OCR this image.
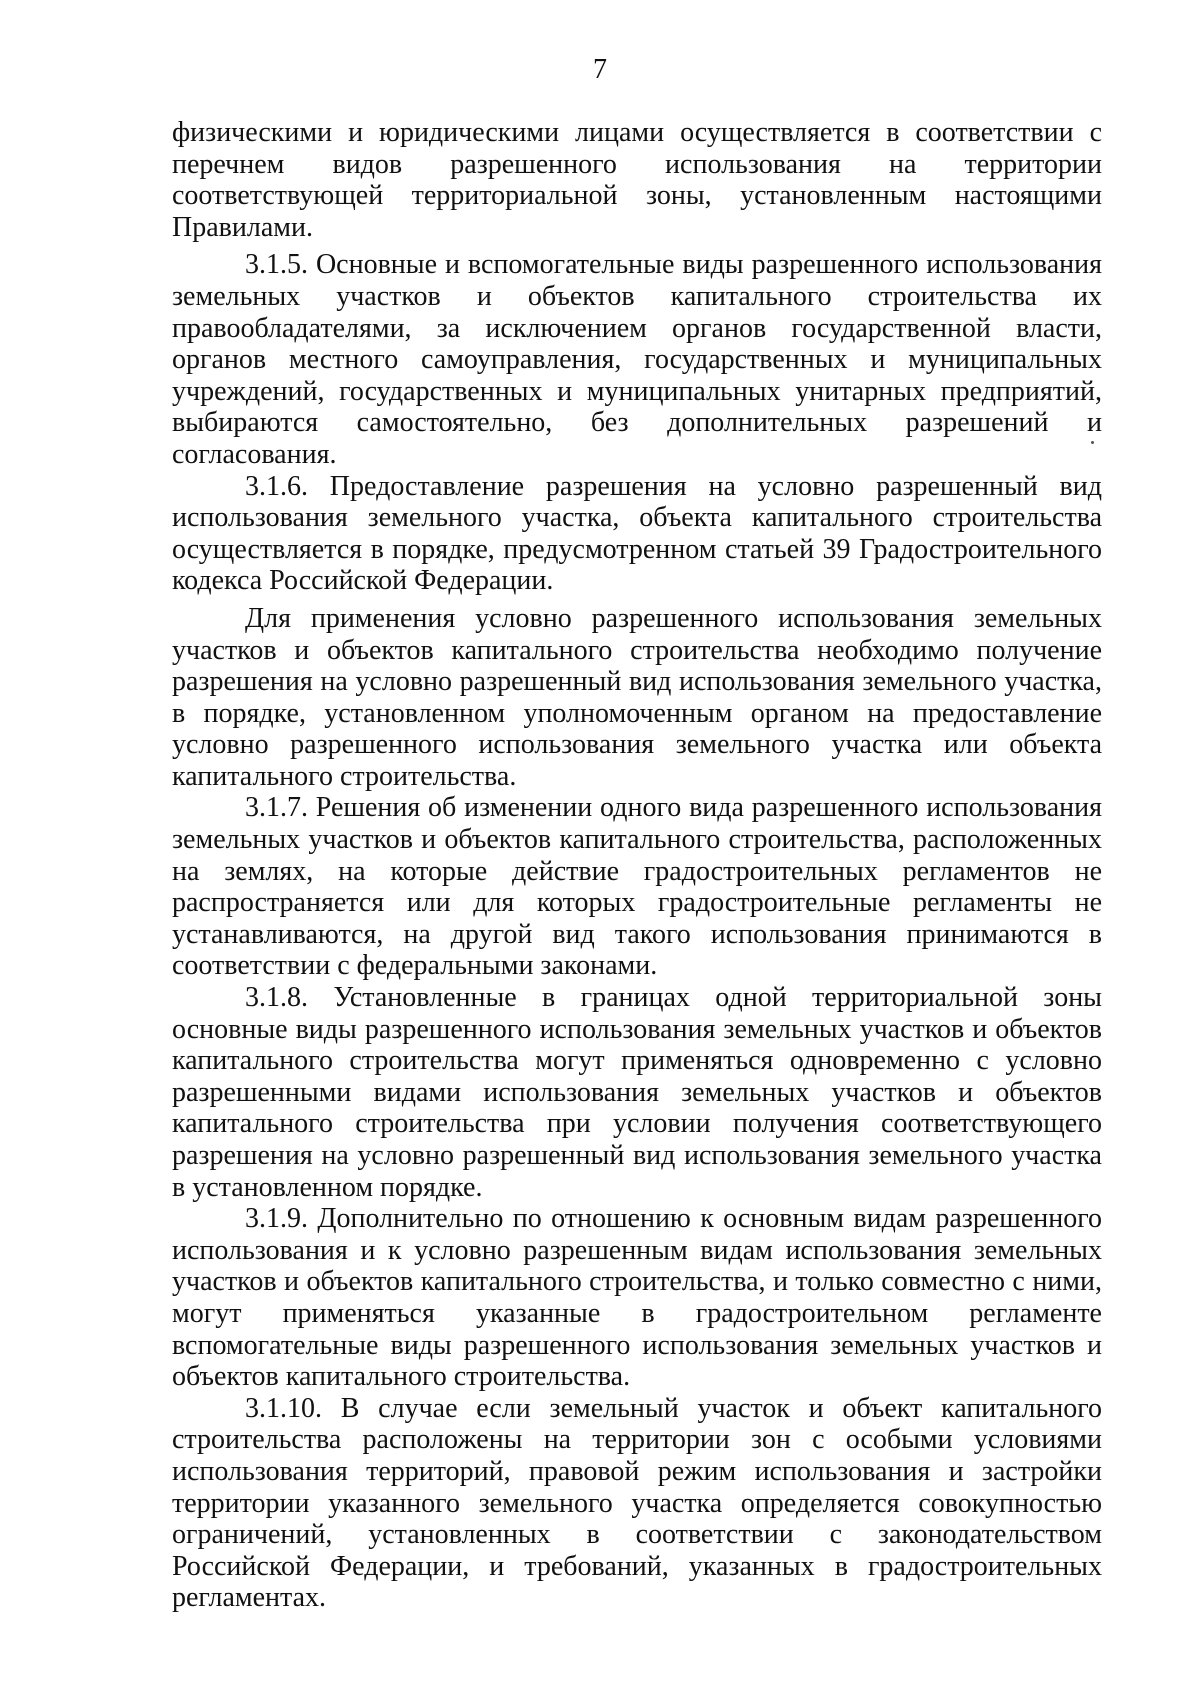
7

физическими и юридическими лицами осуществляется в соответствии с перечнем видов разрешенного использования на территории соответствующей территориальной зоны, установленным настоящими Правилами.

3.1.5. Основные и вспомогательные виды разрешенного использования земельных участков и объектов капитального строительства их правообладателями, за исключением органов государственной власти, органов местного самоуправления, государственных и муниципальных учреждений, государственных и муниципальных унитарных предприятий, выбираются самостоятельно, без дополнительных разрешений и согласования.

3.1.6. Предоставление разрешения на условно разрешенный вид использования земельного участка, объекта капитального строительства осуществляется в порядке, предусмотренном статьей 39 Градостроительного кодекса Российской Федерации.

Для применения условно разрешенного использования земельных участков и объектов капитального строительства необходимо получение разрешения на условно разрешенный вид использования земельного участка, в порядке, установленном уполномоченным органом на предоставление условно разрешенного использования земельного участка или объекта капитального строительства.

3.1.7. Решения об изменении одного вида разрешенного использования земельных участков и объектов капитального строительства, расположенных на землях, на которые действие градостроительных регламентов не распространяется или для которых градостроительные регламенты не устанавливаются, на другой вид такого использования принимаются в соответствии с федеральными законами.

3.1.8. Установленные в границах одной территориальной зоны основные виды разрешенного использования земельных участков и объектов капитального строительства могут применяться одновременно с условно разрешенными видами использования земельных участков и объектов капитального строительства при условии получения соответствующего разрешения на условно разрешенный вид использования земельного участка в установленном порядке.

3.1.9. Дополнительно по отношению к основным видам разрешенного использования и к условно разрешенным видам использования земельных участков и объектов капитального строительства, и только совместно с ними, могут применяться указанные в градостроительном регламенте вспомогательные виды разрешенного использования земельных участков и объектов капитального строительства.

3.1.10. В случае если земельный участок и объект капитального строительства расположены на территории зон с особыми условиями использования территорий, правовой режим использования и застройки территории указанного земельного участка определяется совокупностью ограничений, установленных в соответствии с законодательством Российской Федерации, и требований, указанных в градостроительных регламентах.
